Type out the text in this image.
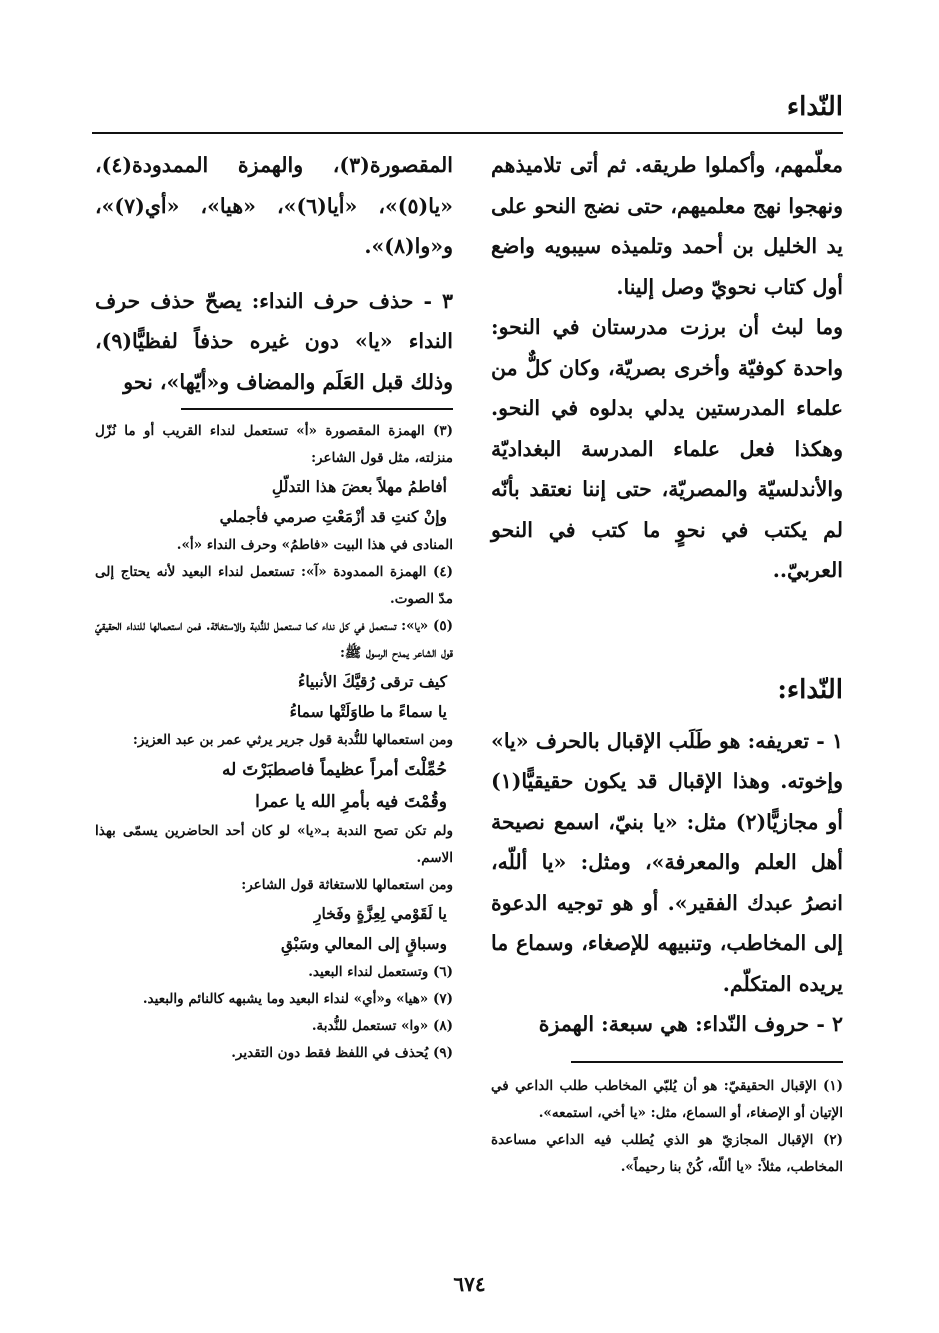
النّداء

معلّمهم، وأكملوا طريقه. ثم أتى تلاميذهم ونهجوا نهج معلميهم، حتى نضج النحو على يد الخليل بن أحمد وتلميذه سيبويه واضع أول كتاب نحويّ وصل إلينا.

وما لبث أن برزت مدرستان في النحو: واحدة كوفيّة وأخرى بصريّة، وكان كلٌّ من علماء المدرستين يدلي بدلوه في النحو. وهكذا فعل علماء المدرسة البغداديّة والأندلسيّة والمصريّة، حتى إننا نعتقد بأنّه لم يكتب في نحوٍ ما كتب في النحو العربيّ..

النّداء:

١ - تعريفه: هو طَلَب الإقبال بالحرف «يا» وإخوته. وهذا الإقبال قد يكون حقيقيًّا(١) أو مجازيًّا(٢) مثل: «يا بنيّ، اسمع نصيحة أهل العلم والمعرفة»، ومثل: «يا أللّه، انصرُ عبدك الفقير». أو هو توجيه الدعوة إلى المخاطب، وتنبيهه للإصغاء، وسماع ما يريده المتكلّم.

٢ - حروف النّداء: هي سبعة: الهمزة

(١) الإقبال الحقيقيّ: هو أن يُلبّي المخاطب طلب الداعي في الإتيان أو الإصغاء، أو السماع، مثل: «يا أخي، استمعه».

(٢) الإقبال المجازيّ هو الذي يُطلب فيه الداعي مساعدة المخاطب، مثلاً: «يا أللّه، كُنْ بنا رحيماً».

المقصورة(٣)، والهمزة الممدودة(٤)، «يا(٥)»، «أيا(٦)»، «هيا»، «أي(٧)»، و«وا(٨)».

٣ - حذف حرف النداء: يصحّ حذف حرف النداء «يا» دون غيره حذفاً لفظيًّا(٩)، وذلك قبل العَلَم والمضاف و«أيّها»، نحو

(٣) الهمزة المقصورة «أ» تستعمل لنداء القريب أو ما نُزّل منزلته، مثل قول الشاعر:

أفاطمُ مهلاً بعضَ هذا التدلّلِ
وإنْ كنتِ قد أزْمَعْتِ صرمي فأجملي

المنادى في هذا البيت «فاطمُ» وحرف النداء «أ».

(٤) الهمزة الممدودة «آ»: تستعمل لنداء البعيد لأنه يحتاج إلى مدّ الصوت.

(٥) «يا»: تستعمل في كل نداء كما تستعمل للنُّدبة والاستغاثة. فمن استعمالها للنداء الحقيقيّ قول الشاعر يمدح الرسول ﷺ:

كيف ترقى رُقيَّكَ الأنبياءُ
يا سماءً ما طاوَلَتْها سماءُ

ومن استعمالها للنُّدبة قول جرير يرثي عمر بن عبد العزيز:

حُمِّلْتَ أمراً عظيماً فاصطبَرْتَ له
وقُمْتَ فيه بأمرِ الله يا عمرا

ولم تكن تصح الندبة بـ«يا» لو كان أحد الحاضرين يسمّى بهذا الاسم.

ومن استعمالها للاستغاثة قول الشاعر:

يا لَقَوْمي لِعِزَّةٍ وفَخارِ
وسباقٍ إلى المعالي وسَبْقِ

(٦) وتستعمل لنداء البعيد.

(٧) «هيا» و«أي» لنداء البعيد وما يشبهه كالنائم والبعيد.

(٨) «وا» تستعمل للنُّدبة.

(٩) يُحذف في اللفظ فقط دون التقدير.

٦٧٤
